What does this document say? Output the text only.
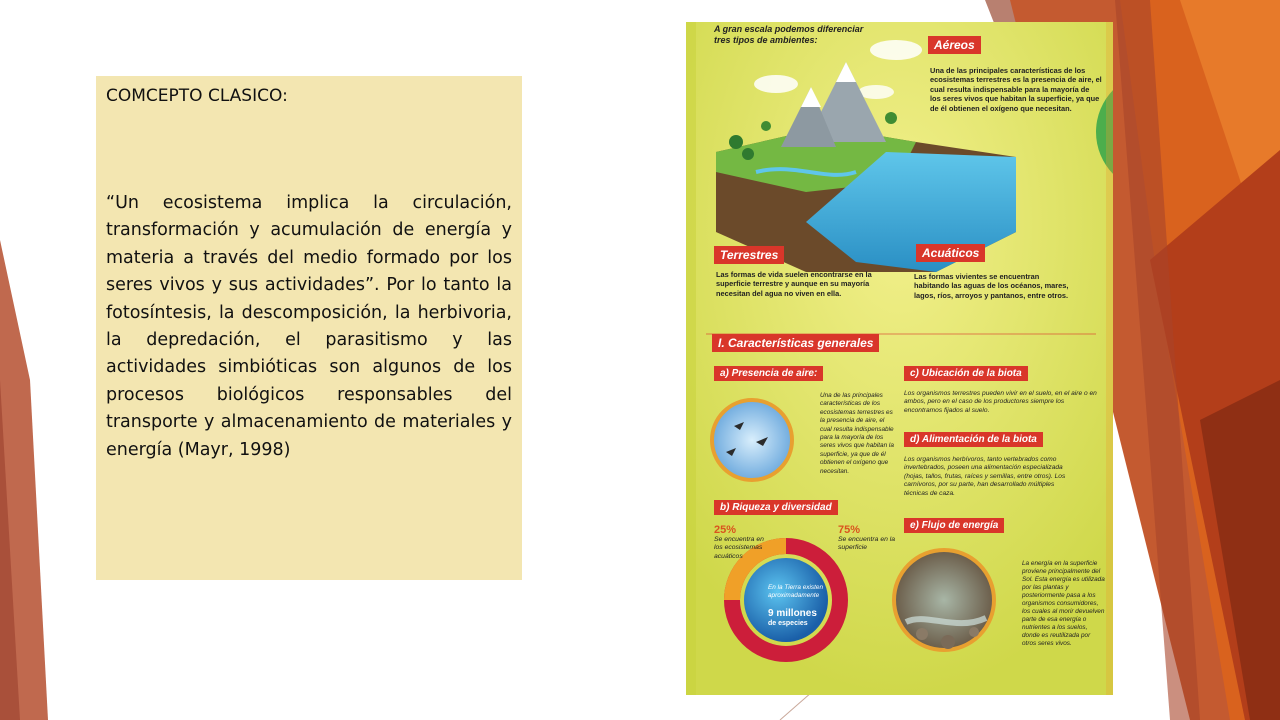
COMCEPTO CLASICO:

“Un ecosistema implica la circulación, transformación y acumulación de energía y materia a través del medio formado por los seres vivos y sus actividades”. Por lo tanto la fotosíntesis, la descomposición, la herbivoria, la depredación, el parasitismo y las actividades simbióticas son algunos de los procesos biológicos responsables del transporte y almacenamiento de materiales y energía (Mayr, 1998)

A gran escala podemos diferenciar tres tipos de ambientes:	Aéreos
Una de las principales características de los ecosistemas terrestres es la presencia de aire, el cual resulta indispensable para la mayoría de los seres vivos que habitan la superficie, ya que de él obtienen el oxígeno que necesitan.
Terrestres
Las formas de vida suelen encontrarse en la superficie terrestre y aunque en su mayoría necesitan del agua no viven en ella.
Acuáticos
Las formas vivientes se encuentran habitando las aguas de los océanos, mares, lagos, ríos, arroyos y pantanos, entre otros.
I. Características generales
a) Presencia de aire:
Una de las principales características de los ecosistemas terrestres es la presencia de aire, el cual resulta indispensable para la mayoría de los seres vivos que habitan la superficie, ya que de él obtienen el oxígeno que necesitan.
b) Riqueza y diversidad
25%
Se encuentra en los ecosistemas acuáticos
75%
Se encuentra en la superficie
En la Tierra existen aproximadamente
9 millones
de especies
c) Ubicación de la biota
Los organismos terrestres pueden vivir en el suelo, en el aire o en ambos, pero en el caso de los productores siempre los encontramos fijados al suelo.
d) Alimentación de la biota
Los organismos herbívoros, tanto vertebrados como invertebrados, poseen una alimentación especializada (hojas, tallos, frutas, raíces y semillas, entre otros). Los carnívoros, por su parte, han desarrollado múltiples técnicas de caza.
e) Flujo de energía
La energía en la superficie proviene principalmente del Sol. Esta energía es utilizada por las plantas y posteriormente pasa a los organismos consumidores, los cuales al morir devuelven parte de esa energía o nutrientes a los suelos, donde es reutilizada por otros seres vivos.
